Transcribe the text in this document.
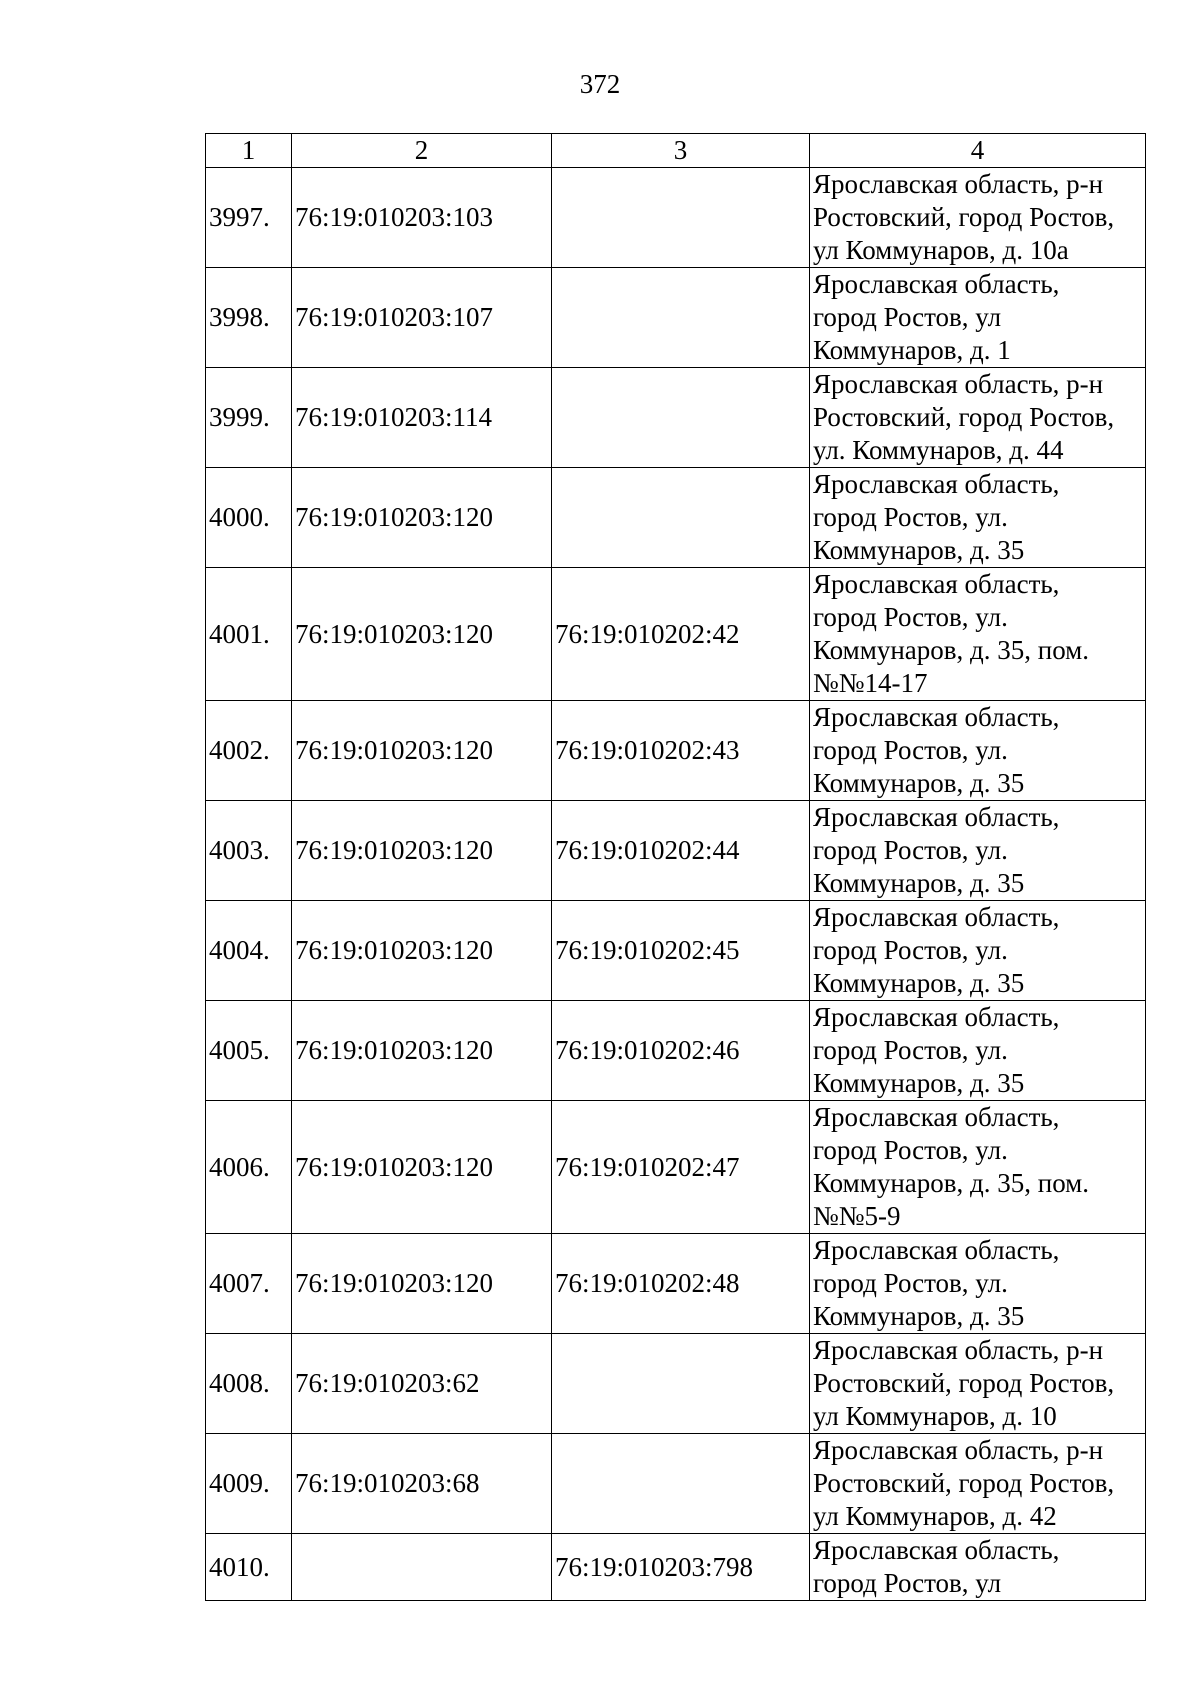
372
1	2	3	4
3997.	76:19:010203:103		Ярославская область, р-н
Ростовский, город Ростов,
ул Коммунаров, д. 10а

3998.	76:19:010203:107		Ярославская область,
город Ростов, ул
Коммунаров, д. 1

3999.	76:19:010203:114		Ярославская область, р-н
Ростовский, город Ростов,
ул. Коммунаров, д. 44

4000.	76:19:010203:120		Ярославская область,
город Ростов, ул.
Коммунаров, д. 35

4001.	76:19:010203:120	76:19:010202:42	Ярославская область,
город Ростов, ул.
Коммунаров, д. 35, пом.
№№14-17

4002.	76:19:010203:120	76:19:010202:43	Ярославская область,
город Ростов, ул.
Коммунаров, д. 35

4003.	76:19:010203:120	76:19:010202:44	Ярославская область,
город Ростов, ул.
Коммунаров, д. 35

4004.	76:19:010203:120	76:19:010202:45	Ярославская область,
город Ростов, ул.
Коммунаров, д. 35

4005.	76:19:010203:120	76:19:010202:46	Ярославская область,
город Ростов, ул.
Коммунаров, д. 35

4006.	76:19:010203:120	76:19:010202:47	Ярославская область,
город Ростов, ул.
Коммунаров, д. 35, пом.
№№5-9

4007.	76:19:010203:120	76:19:010202:48	Ярославская область,
город Ростов, ул.
Коммунаров, д. 35

4008.	76:19:010203:62		Ярославская область, р-н
Ростовский, город Ростов,
ул Коммунаров, д. 10

4009.	76:19:010203:68		Ярославская область, р-н
Ростовский, город Ростов,
ул Коммунаров, д. 42

4010.		76:19:010203:798	Ярославская область,
город Ростов, ул
